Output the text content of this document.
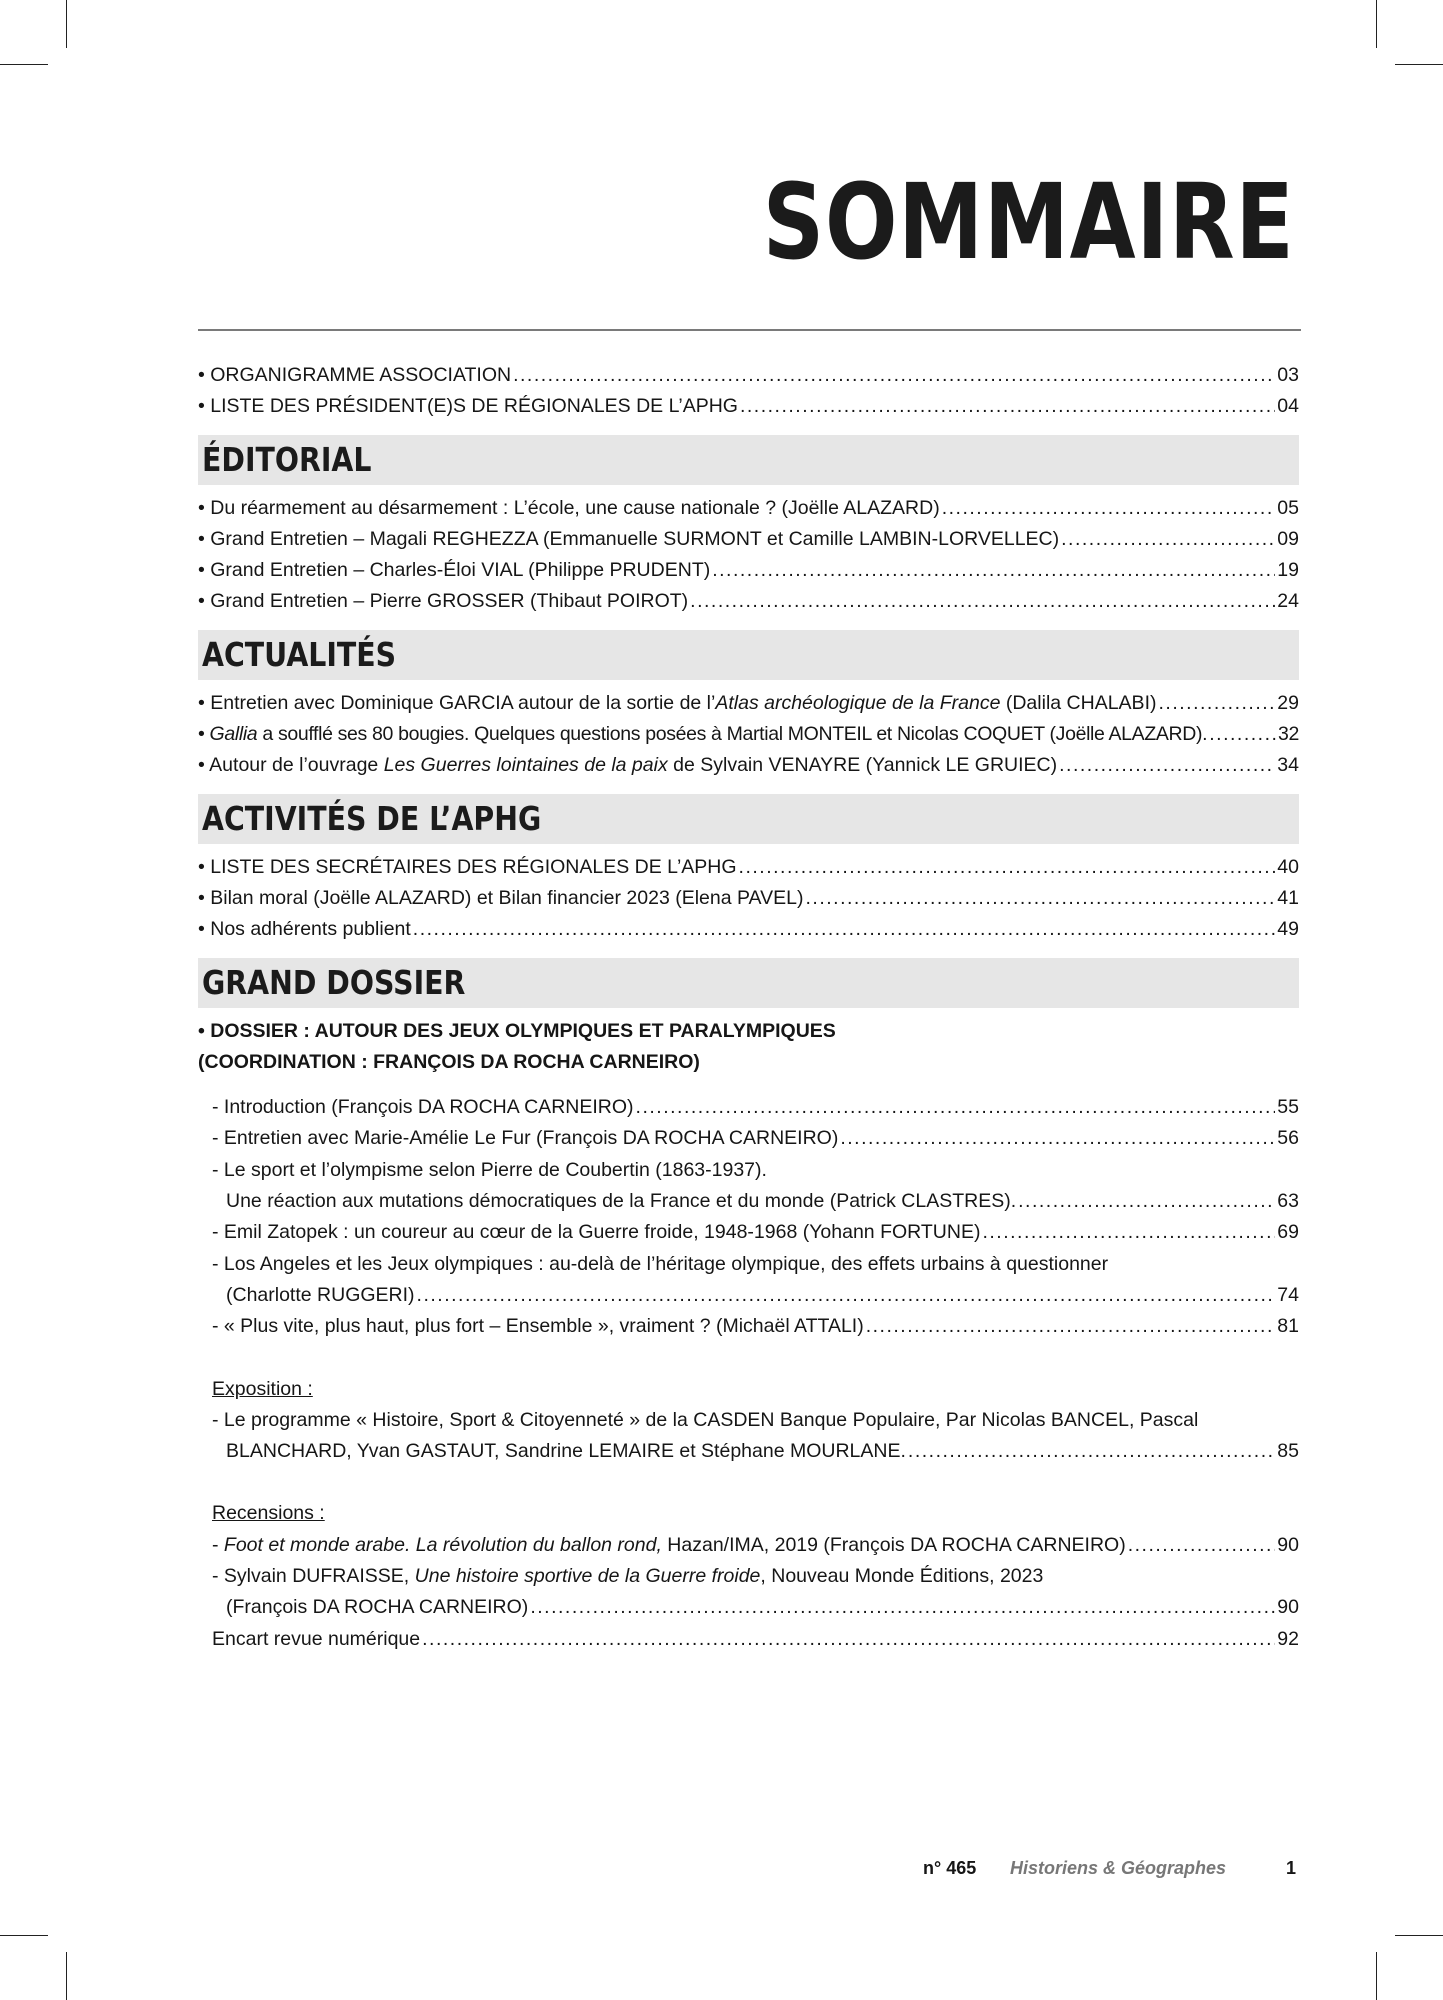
SOMMAIRE
• ORGANIGRAMME ASSOCIATION .....	03
• LISTE DES PRÉSIDENT(E)S DE RÉGIONALES DE L’APHG .....	04
ÉDITORIAL
• Du réarmement au désarmement : L’école, une cause nationale ? (Joëlle ALAZARD) .....	05
• Grand Entretien – Magali REGHEZZA (Emmanuelle SURMONT et Camille LAMBIN-LORVELLEC) .....	09
• Grand Entretien – Charles-Éloi VIAL (Philippe PRUDENT) .....	19
• Grand Entretien – Pierre GROSSER (Thibaut POIROT) .....	24
ACTUALITÉS
• Entretien avec Dominique GARCIA autour de la sortie de l’Atlas archéologique de la France (Dalila CHALABI) .....	29
• Gallia a soufflé ses 80 bougies. Quelques questions posées à Martial MONTEIL et Nicolas COQUET (Joëlle ALAZARD). .....	32
• Autour de l’ouvrage Les Guerres lointaines de la paix de Sylvain VENAYRE (Yannick LE GRUIEC) .....	34
ACTIVITÉS DE L’APHG
• LISTE DES SECRÉTAIRES DES RÉGIONALES DE L’APHG .....	40
• Bilan moral (Joëlle ALAZARD) et Bilan financier 2023 (Elena PAVEL) .....	41
• Nos adhérents publient .....	49
GRAND DOSSIER
• DOSSIER : AUTOUR DES JEUX OLYMPIQUES ET PARALYMPIQUES
(COORDINATION : FRANÇOIS DA ROCHA CARNEIRO)
- Introduction (François DA ROCHA CARNEIRO) .....	55
- Entretien avec Marie-Amélie Le Fur (François DA ROCHA CARNEIRO) .....	56
- Le sport et l’olympisme selon Pierre de Coubertin (1863-1937).
Une réaction aux mutations démocratiques de la France et du monde (Patrick CLASTRES). .....	63
- Emil Zatopek : un coureur au cœur de la Guerre froide, 1948-1968 (Yohann FORTUNE) .....	69
- Los Angeles et les Jeux olympiques : au-delà de l’héritage olympique, des effets urbains à questionner
(Charlotte RUGGERI) .....	74
- « Plus vite, plus haut, plus fort – Ensemble », vraiment ? (Michaël ATTALI) .....	81
Exposition :
- Le programme « Histoire, Sport & Citoyenneté » de la CASDEN Banque Populaire, Par Nicolas BANCEL, Pascal
BLANCHARD, Yvan GASTAUT, Sandrine LEMAIRE et Stéphane MOURLANE. .....	85
Recensions :
- Foot et monde arabe. La révolution du ballon rond, Hazan/IMA, 2019 (François DA ROCHA CARNEIRO) .....	90
- Sylvain DUFRAISSE, Une histoire sportive de la Guerre froide, Nouveau Monde Éditions, 2023
(François DA ROCHA CARNEIRO) .....	90
Encart revue numérique .....	92
n° 465 Historiens & Géographes	1
